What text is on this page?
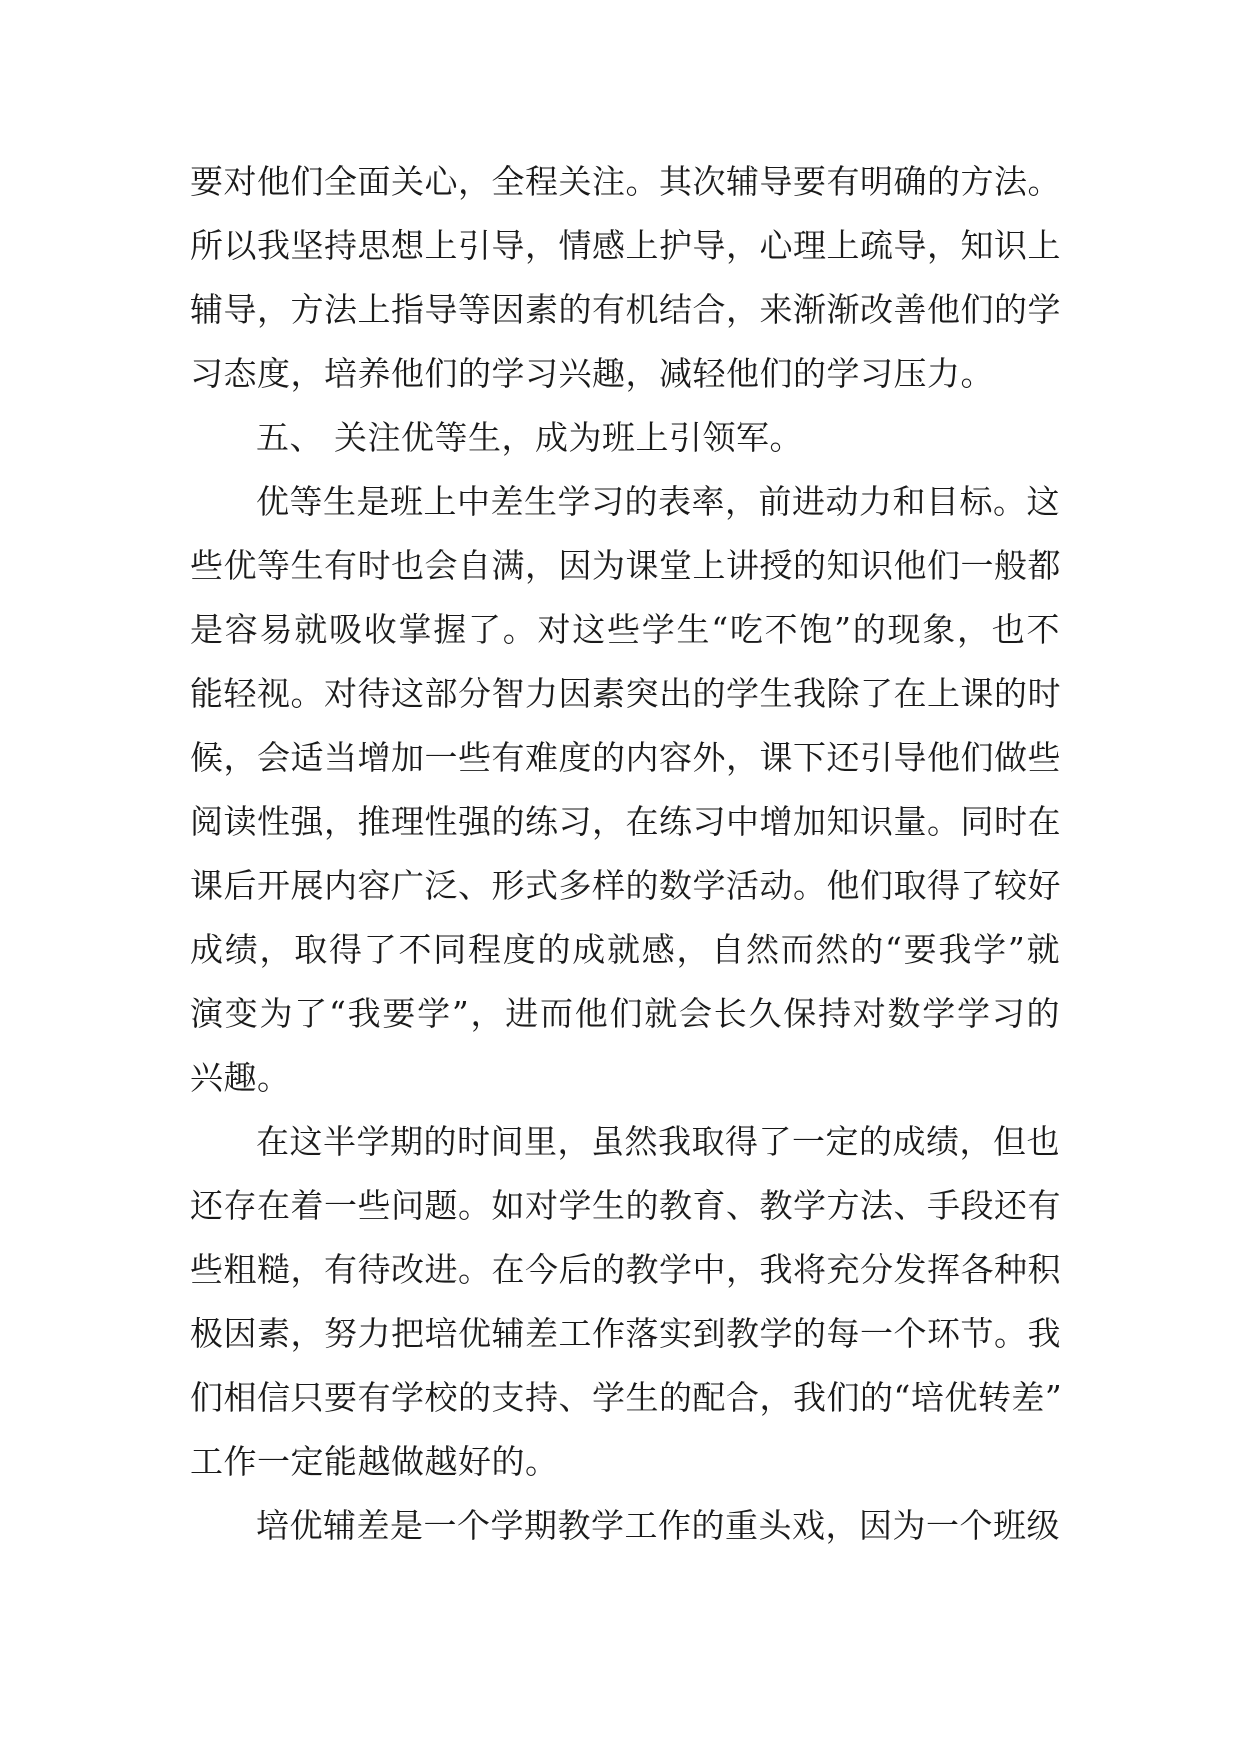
要对他们全面关心，全程关注。其次辅导要有明确的方法。
所以我坚持思想上引导，情感上护导，心理上疏导，知识上
辅导，方法上指导等因素的有机结合，来渐渐改善他们的学
习态度，培养他们的学习兴趣，减轻他们的学习压力。
五、 关注优等生，成为班上引领军。
优等生是班上中差生学习的表率，前进动力和目标。这
些优等生有时也会自满，因为课堂上讲授的知识他们一般都
是容易就吸收掌握了。对这些学生“吃不饱”的现象，也不
能轻视。对待这部分智力因素突出的学生我除了在上课的时
候，会适当增加一些有难度的内容外，课下还引导他们做些
阅读性强，推理性强的练习，在练习中增加知识量。同时在
课后开展内容广泛、形式多样的数学活动。他们取得了较好
成绩，取得了不同程度的成就感，自然而然的“要我学”就
演变为了“我要学”，进而他们就会长久保持对数学学习的
兴趣。
在这半学期的时间里，虽然我取得了一定的成绩，但也
还存在着一些问题。如对学生的教育、教学方法、手段还有
些粗糙，有待改进。在今后的教学中，我将充分发挥各种积
极因素，努力把培优辅差工作落实到教学的每一个环节。我
们相信只要有学校的支持、学生的配合，我们的“培优转差”
工作一定能越做越好的。
培优辅差是一个学期教学工作的重头戏，因为一个班级
